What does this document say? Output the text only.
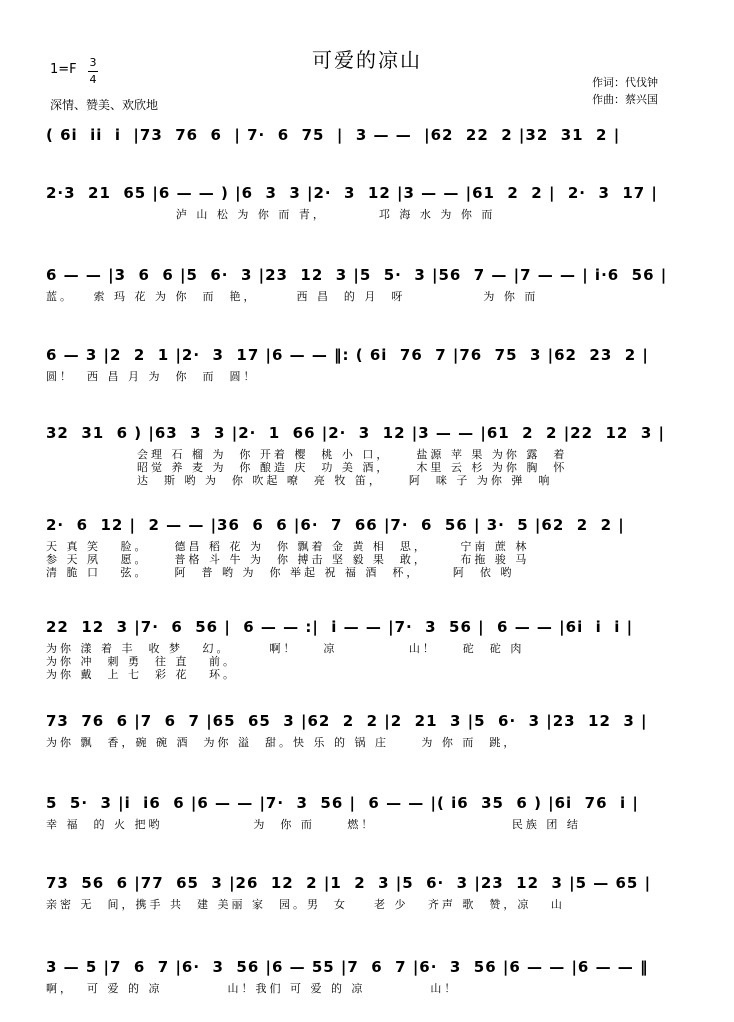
可爱的凉山
1=F 3
4
深情、赞美、欢欣地
作词：代伐钟
作曲：蔡兴国
( 6i  ii  i  |73  76  6  | 7·  6  75  |  3 — —  |62  22  2 |32  31  2 |
2·3  21  65 |6 — — ) |6  3  3 |2·  3  12 |3 — — |61  2  2 |  2·  3  17 |
泸 山 松 为 你 而 青，        邛 海 水 为 你 而
6 — — |3  6  6 |5  6·  3 |23  12  3 |5  5·  3 |56  7 — |7 — — | i·6  56 |
蓝。   索 玛 花 为 你  而  艳，      西 昌  的 月  呀            为 你 而
6 — 3 |2  2  1 |2·  3  17 |6 — — ‖: ( 6i  76  7 |76  75  3 |62  23  2 |
圆！  西 昌 月 为  你  而  圆！
32  31  6 ) |63  3  3 |2·  1  66 |2·  3  12 |3 — — |61  2  2 |22  12  3 |
会理 石 榴 为  你 开着 樱  桃 小 口，    盐源 苹 果 为你 露  着
昭觉 养 麦 为  你 酿造 庆  功 美 酒，    木里 云 杉 为你 胸  怀
达  斯 哟 为  你 吹起 嘹  亮 牧 笛，    阿  咪 子 为你 弹  响
2·  6  12 |  2 — — |36  6  6 |6·  7  66 |7·  6  56 | 3·  5 |62  2  2 |
天 真 笑   脸。    德昌 稻 花 为  你 飘着 金 黄 相  思，     宁南 蔗 林
参 天 夙   愿。    普格 斗 牛 为  你 搏击 坚 毅 果  敢，     布拖 骏 马
清 脆 口   弦。    阿  普 哟 为  你 举起 祝 福 酒  杯，     阿  依 哟
22  12  3 |7·  6  56 |  6 — — :|  i — — |7·  3  56 |  6 — — |6i  i  i |
为你 漾 着 丰  收 梦   幻。      啊！    凉           山！    砣  砣 肉
为你 冲  刺 勇  往 直   前。
为你 戴  上 七  彩 花   环。
73  76  6 |7  6  7 |65  65  3 |62  2  2 |2  21  3 |5  6·  3 |23  12  3 |
为你 飘  香，碗 碗 酒  为你 溢  甜。快 乐 的 锅 庄     为 你 而  跳，
5  5·  3 |i  i6  6 |6 — — |7·  3  56 |  6 — — |( i6  35  6 ) |6i  76  i |
幸 福  的 火 把哟              为  你 而     燃！                     民族 团 结
73  56  6 |77  65  3 |26  12  2 |1  2  3 |5  6·  3 |23  12  3 |5 — 65 |
亲密 无  间，携手 共  建 美丽 家  园。男  女    老 少   齐声 歌  赞，凉   山
3 — 5 |7  6  7 |6·  3  56 |6 — 55 |7  6  7 |6·  3  56 |6 — — |6 — — ‖
啊，  可 爱 的 凉          山！我们 可 爱 的 凉          山！
